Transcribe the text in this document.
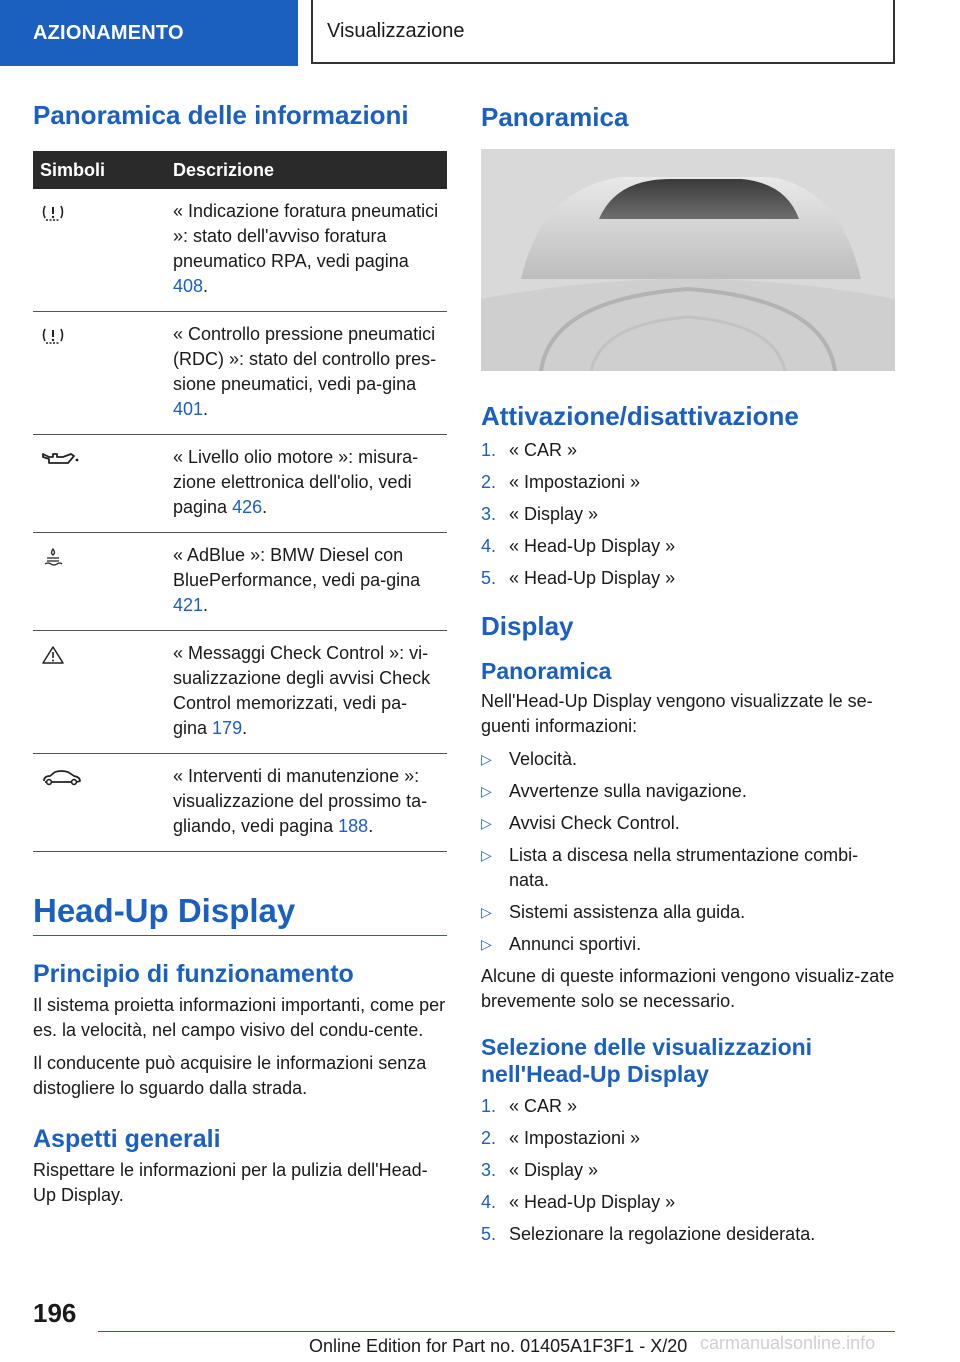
AZIONAMENTO	Visualizzazione
Panoramica delle informazioni
Simboli	Descrizione

	« Indicazione foratura pneumatici »: stato dell'avviso foratura pneumatico RPA, vedi pagina 408.

	« Controllo pressione pneumatici (RDC) »: stato del controllo pres-sione pneumatici, vedi pa-gina 401.

	« Livello olio motore »: misura-zione elettronica dell'olio, vedi pagina 426.

	« AdBlue »: BMW Diesel con BluePerformance, vedi pa-gina 421.

	« Messaggi Check Control »: vi-sualizzazione degli avvisi Check Control memorizzati, vedi pa-gina 179.

	« Interventi di manutenzione »: visualizzazione del prossimo ta-gliando, vedi pagina 188.
Head-Up Display
Principio di funzionamento

Il sistema proietta informazioni importanti, come per es. la velocità, nel campo visivo del condu-cente.

Il conducente può acquisire le informazioni senza distogliere lo sguardo dalla strada.

Aspetti generali

Rispettare le informazioni per la pulizia dell'Head-Up Display.

Panoramica
Attivazione/disattivazione
1. « CAR »
2. « Impostazioni »
3. « Display »
4. « Head-Up Display »
5. « Head-Up Display »
Display
Panoramica

Nell'Head-Up Display vengono visualizzate le se-guenti informazioni:

▷ Velocità.
▷ Avvertenze sulla navigazione.
▷ Avvisi Check Control.
▷ Lista a discesa nella strumentazione combi-nata.
▷ Sistemi assistenza alla guida.
▷ Annunci sportivi.

Alcune di queste informazioni vengono visualiz-zate brevemente solo se necessario.

Selezione delle visualizzazioni nell'Head-Up Display
1. « CAR »
2. « Impostazioni »
3. « Display »
4. « Head-Up Display »
5. Selezionare la regolazione desiderata.
196
Online Edition for Part no. 01405A1F3F1 - X/20 carmanualsonline.info
